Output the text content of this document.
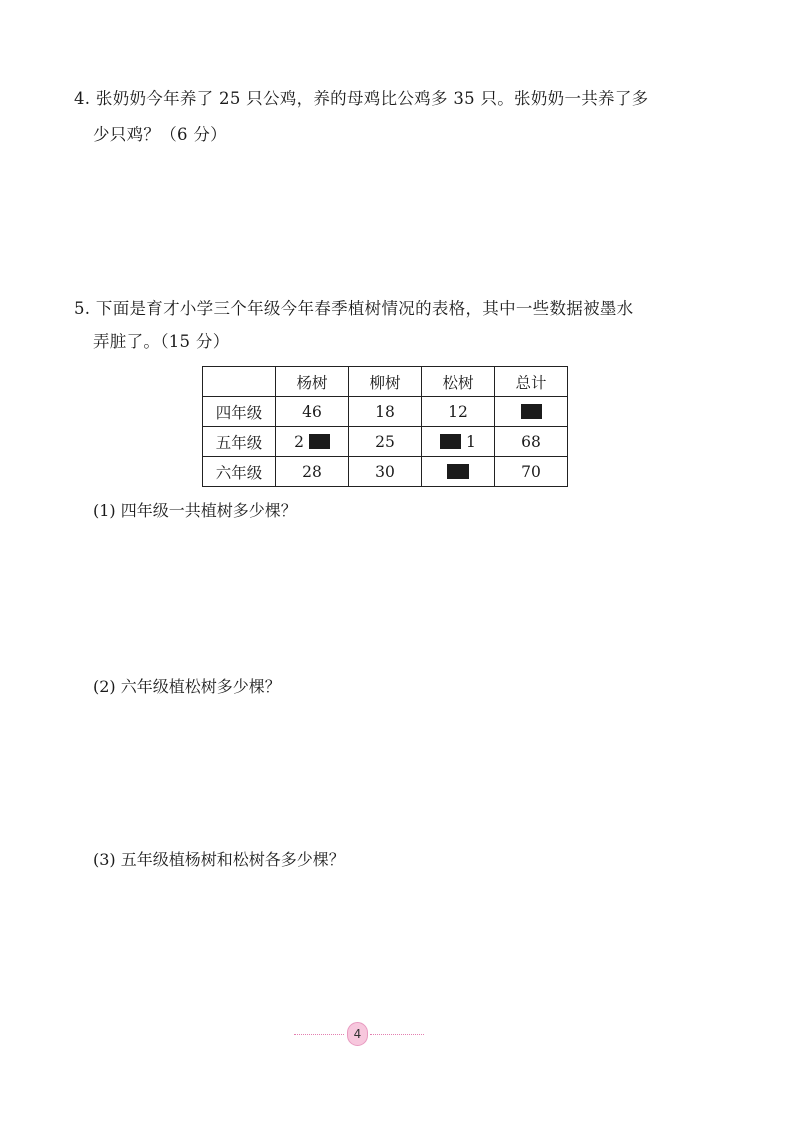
4. 张奶奶今年养了 25 只公鸡，养的母鸡比公鸡多 35 只。张奶奶一共养了多
少只鸡？（6 分）
5. 下面是育才小学三个年级今年春季植树情况的表格，其中一些数据被墨水
弄脏了。（15 分）
	杨树	柳树	松树	总计
四年级	46	18	12	
五年级	2	25	1	68
六年级	28	30		70
(1) 四年级一共植树多少棵？
(2) 六年级植松树多少棵？
(3) 五年级植杨树和松树各多少棵？
4
